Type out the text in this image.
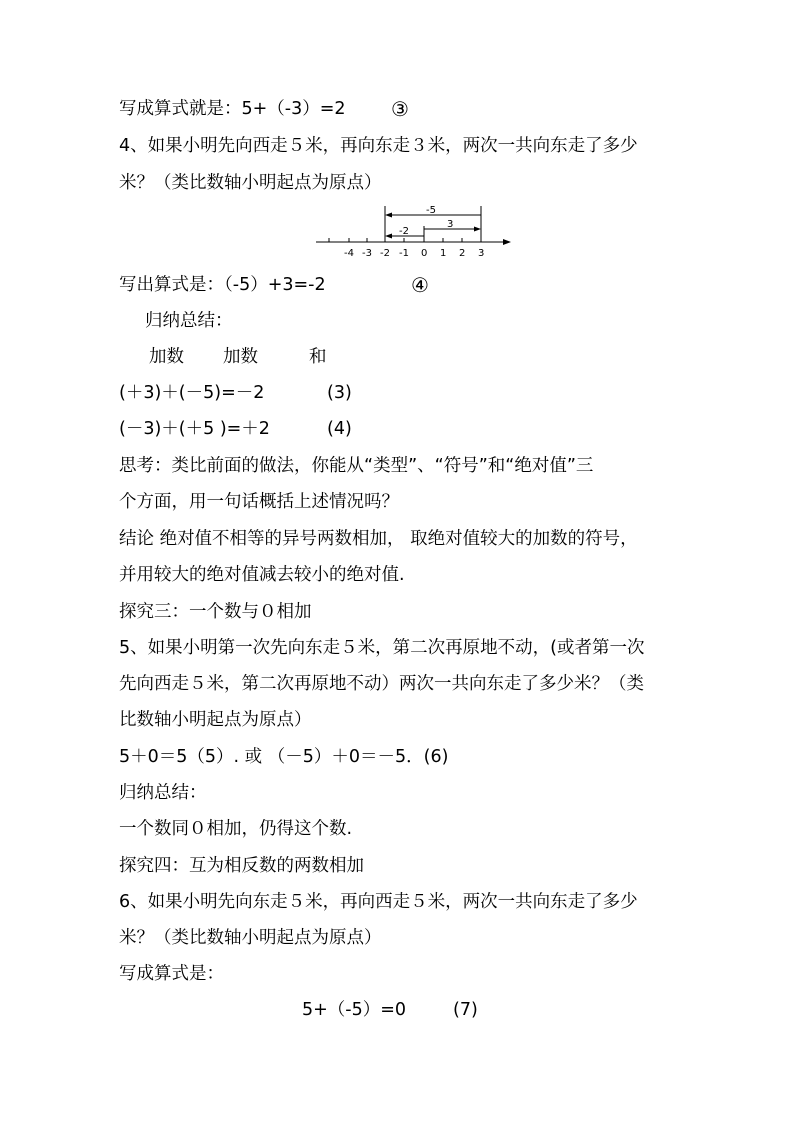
写成算式就是：5+（-3）=2 ③
4、如果小明先向西走５米，再向东走３米，两次一共向东走了多少
米？（类比数轴小明起点为原点）
-4 -3 -2 -1 0 1 2 3
-5
3
-2
写出算式是：（-5）+3=-2	④
归纳总结：
加数 加数	和
(＋3)＋(－5)=－2	(3)
(－3)＋(＋5 )=＋2	(4)
思考：类比前面的做法，你能从“类型”、“符号”和“绝对值”三
个方面，用一句话概括上述情况吗？
结论 绝对值不相等的异号两数相加， 取绝对值较大的加数的符号，
并用较大的绝对值减去较小的绝对值.
探究三：一个数与０相加
5、如果小明第一次先向东走５米，第二次再原地不动，(或者第一次
先向西走５米，第二次再原地不动）两次一共向东走了多少米？（类
比数轴小明起点为原点）
5＋0＝5（5）. 或 （－5）＋0＝－5．(6)
归纳总结：
一个数同０相加，仍得这个数.
探究四：互为相反数的两数相加
6、如果小明先向东走５米，再向西走５米，两次一共向东走了多少
米？（类比数轴小明起点为原点）
写成算式是：
5+（-5）=0	(7)
